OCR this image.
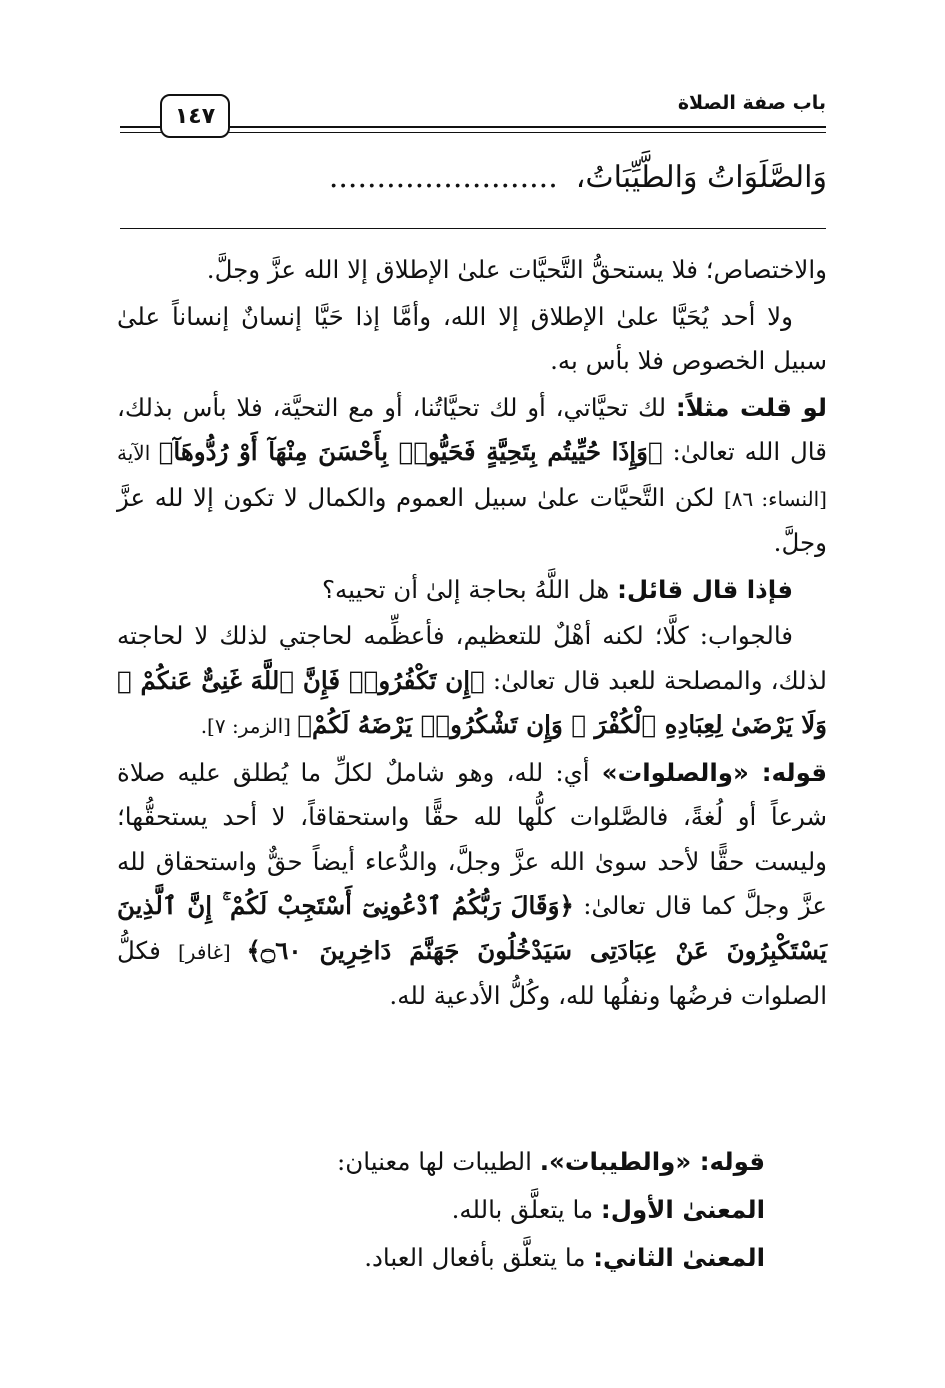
باب صفة الصلاة
١٤٧
وَالصَّلَوَاتُ وَالطَّيِّبَاتُ،........................

والاختصاص؛ فلا يستحقُّ التَّحيَّات علىٰ الإطلاق إلا الله عزَّ وجلَّ.

ولا أحد يُحَيَّا علىٰ الإطلاق إلا الله، وأمَّا إذا حَيَّا إنسانٌ إنساناً علىٰ سبيل الخصوص فلا بأس به.

لو قلت مثلاً: لك تحيَّاتي، أو لك تحيَّاتُنا، أو مع التحيَّة، فلا بأس بذلك، قال الله تعالىٰ: ﴿وَإِذَا حُيِّيتُم بِتَحِيَّةٍ فَحَيُّوا۟ بِأَحْسَنَ مِنْهَآ أَوْ رُدُّوهَآ﴾ الآية [النساء: ٨٦] لكن التَّحيَّات علىٰ سبيل العموم والكمال لا تكون إلا لله عزَّ وجلَّ.

فإذا قال قائل: هل اللَّهُ بحاجة إلىٰ أن تحييه؟

فالجواب: كلَّا؛ لكنه أهْلٌ للتعظيم، فأعظِّمه لحاجتي لذلك لا لحاجته لذلك، والمصلحة للعبد قال تعالىٰ: ﴿إِن تَكْفُرُوا۟ فَإِنَّ ٱللَّهَ غَنِىٌّ عَنكُمْ ۖ وَلَا يَرْضَىٰ لِعِبَادِهِ ٱلْكُفْرَ ۖ وَإِن تَشْكُرُوا۟ يَرْضَهُ لَكُمْ﴾ [الزمر: ٧].

قوله: «والصلوات» أي: لله، وهو شاملٌ لكلِّ ما يُطلق عليه صلاة شرعاً أو لُغةً، فالصَّلوات كلُّها لله حقًّا واستحقاقاً، لا أحد يستحقُّها؛ وليست حقًّا لأحد سوىٰ الله عزَّ وجلَّ، والدُّعاء أيضاً حقٌّ واستحقاق لله عزَّ وجلَّ كما قال تعالىٰ: ﴿وَقَالَ رَبُّكُمُ ٱدْعُونِىٓ أَسْتَجِبْ لَكُمْ ۚ إِنَّ ٱلَّذِينَ يَسْتَكْبِرُونَ عَنْ عِبَادَتِى سَيَدْخُلُونَ جَهَنَّمَ دَاخِرِينَ ۝٦٠﴾ [غافر] فكلُّ الصلوات فرضُها ونفلُها لله، وكُلُّ الأدعية لله.

قوله: «والطيبات». الطيبات لها معنيان:
المعنىٰ الأول: ما يتعلَّق بالله.
المعنىٰ الثاني: ما يتعلَّق بأفعال العباد.
